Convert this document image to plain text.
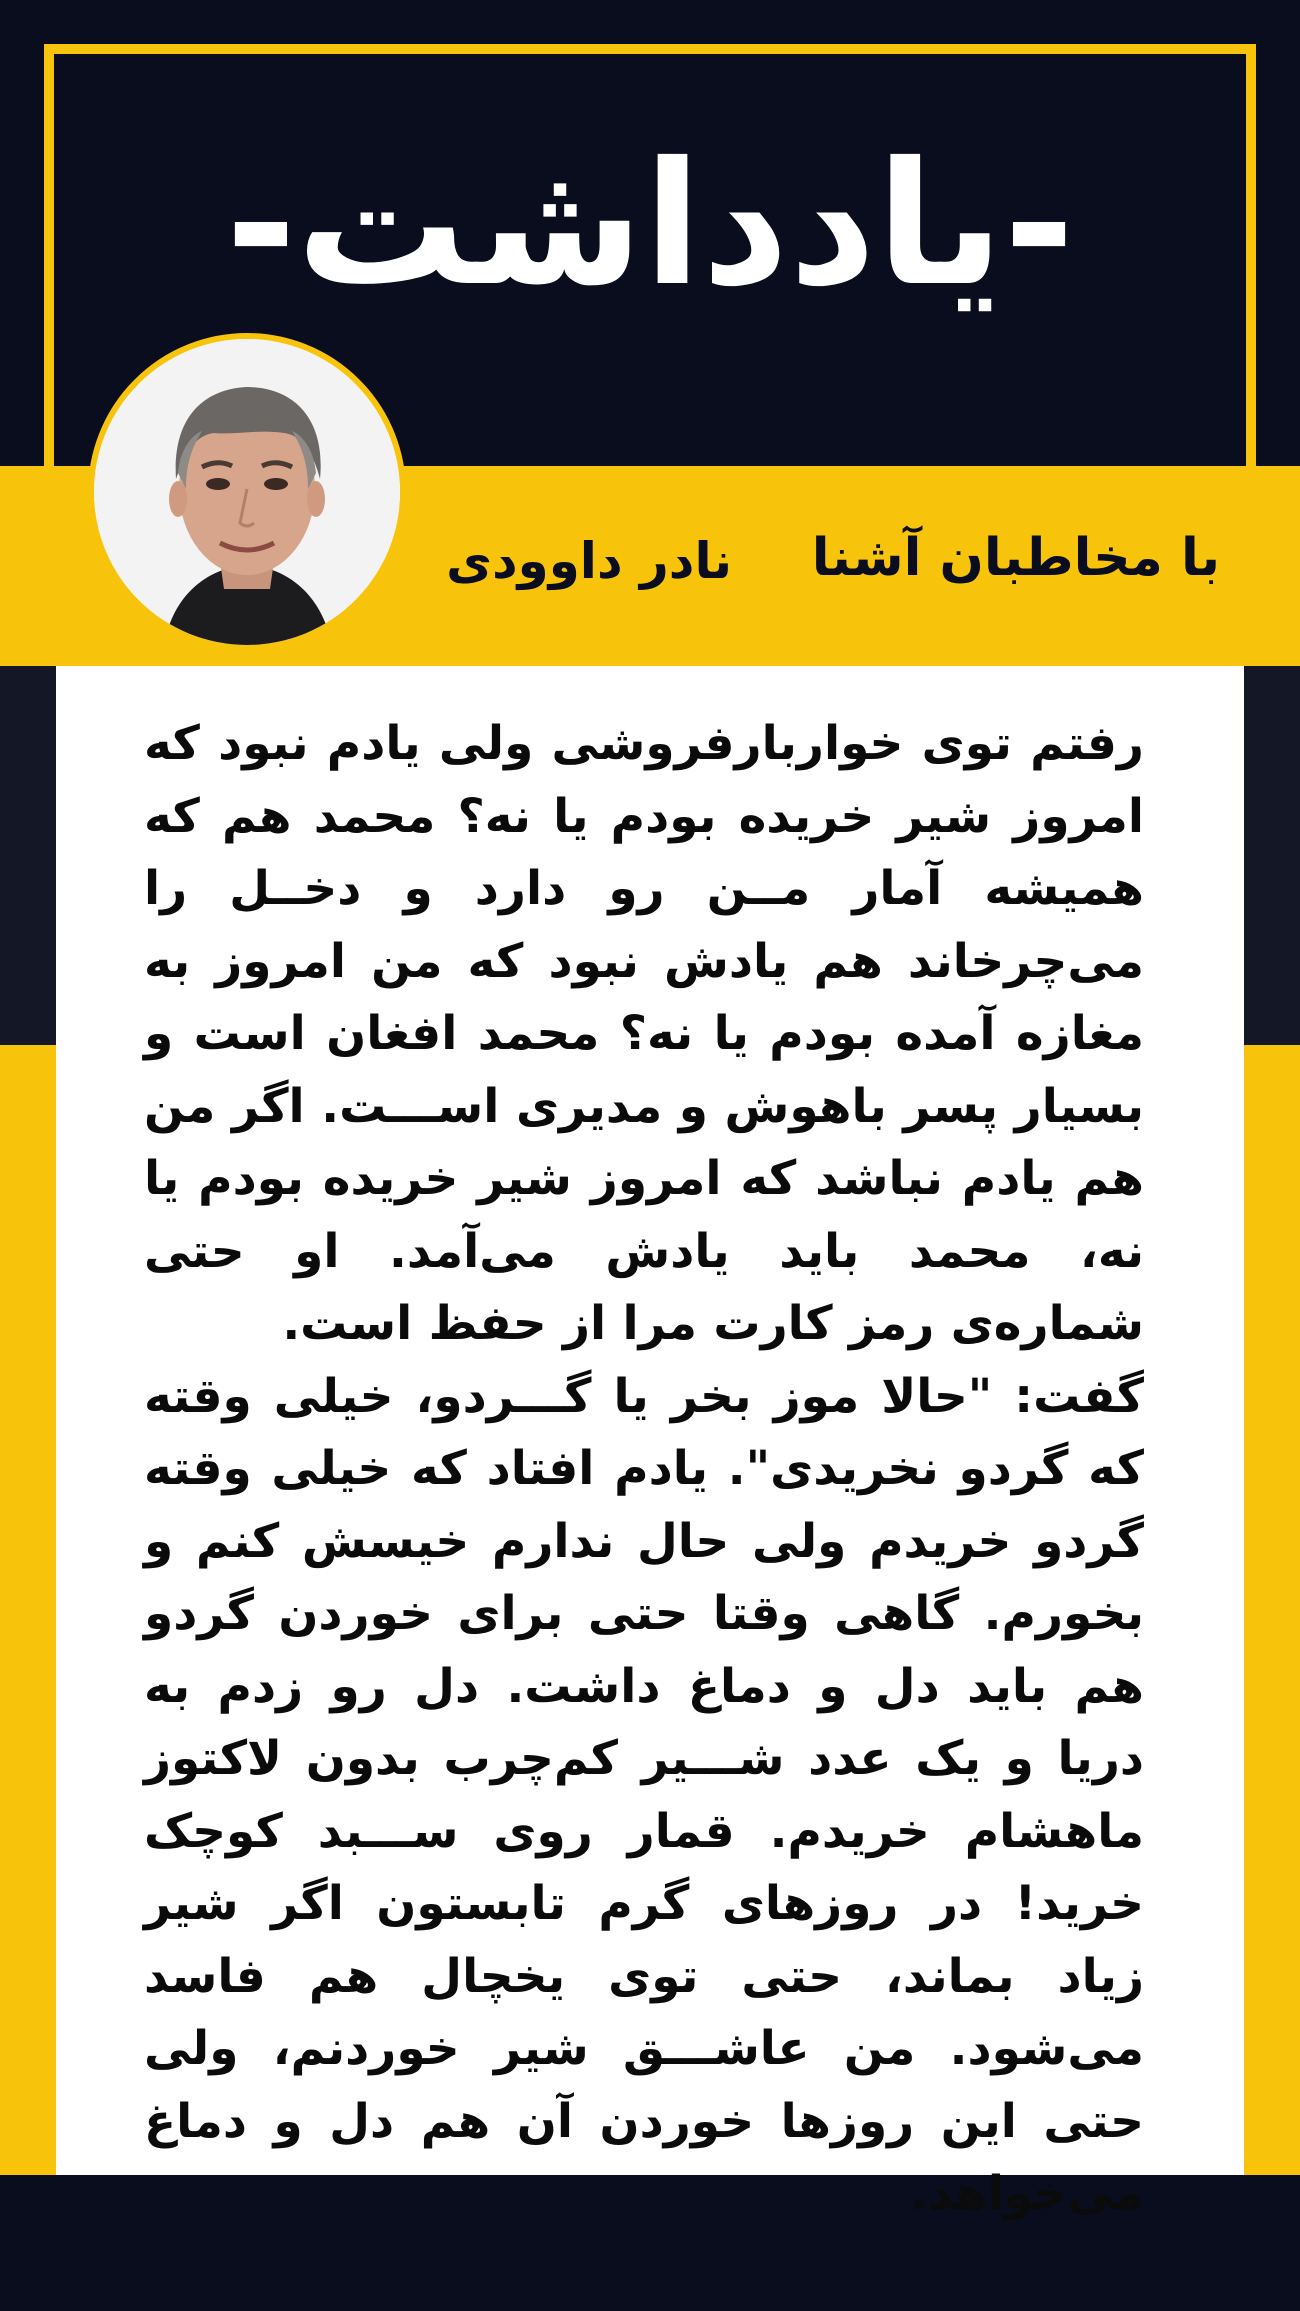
-یادداشت-
با مخاطبان آشنا
نادر داوودی

رفتم توی خواربارفروشی ولی یادم نبود که امروز شیر خریده بودم یا نه؟ محمد هم که همیشه آمار مــن رو دارد و دخــل را می‌چرخاند هم یادش نبود که من امروز به مغازه آمده بودم یا نه؟ محمد افغان است و بسیار پسر باهوش و مدیری اســـت. اگر من هم یادم نباشد که امروز شیر خریده بودم یا نه، محمد باید یادش می‌آمد. او حتی شماره‌ی رمز کارت مرا از حفظ است.

گفت: "حالا موز بخر یا گـــردو، خیلی وقته که گردو نخریدی". یادم افتاد که خیلی وقته گردو خریدم ولی حال ندارم خیسش کنم و بخورم. گاهی وقتا حتی برای خوردن گردو هم باید دل و دماغ داشت. دل رو زدم به دریا و یک عدد شـــیر کم‌چرب بدون لاکتوز ماهشام خریدم. قمار روی ســـبد کوچک خرید! در روزهای گرم تابستون اگر شیر زیاد بماند، حتی توی یخچال هم فاسد می‌شود. من عاشـــق شیر خوردنم، ولی حتی این روزها خوردن آن هم دل و دماغ می‌خواهد.
